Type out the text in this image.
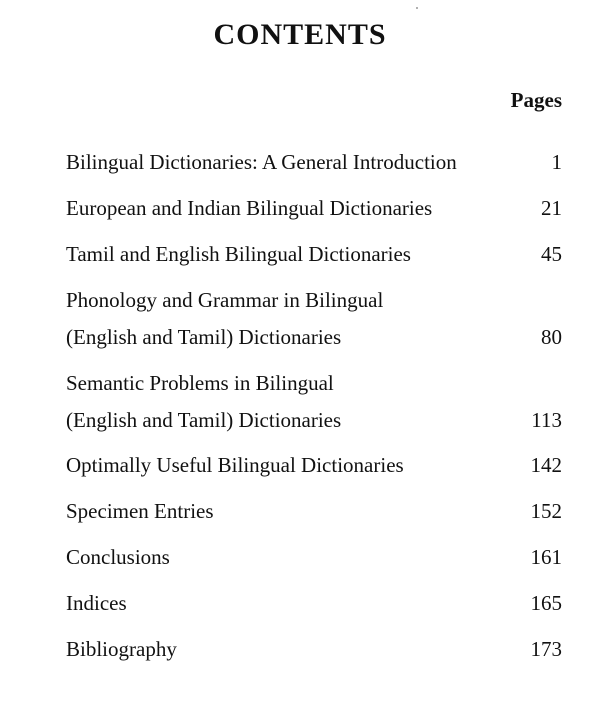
CONTENTS
Pages
Bilingual Dictionaries: A General Introduction	1
European and Indian Bilingual Dictionaries	21
Tamil and English Bilingual Dictionaries	45
Phonology and Grammar in Bilingual
(English and Tamil) Dictionaries	80
Semantic Problems in Bilingual
(English and Tamil) Dictionaries	113
Optimally Useful Bilingual Dictionaries	142
Specimen Entries	152
Conclusions	161
Indices	165
Bibliography	173
